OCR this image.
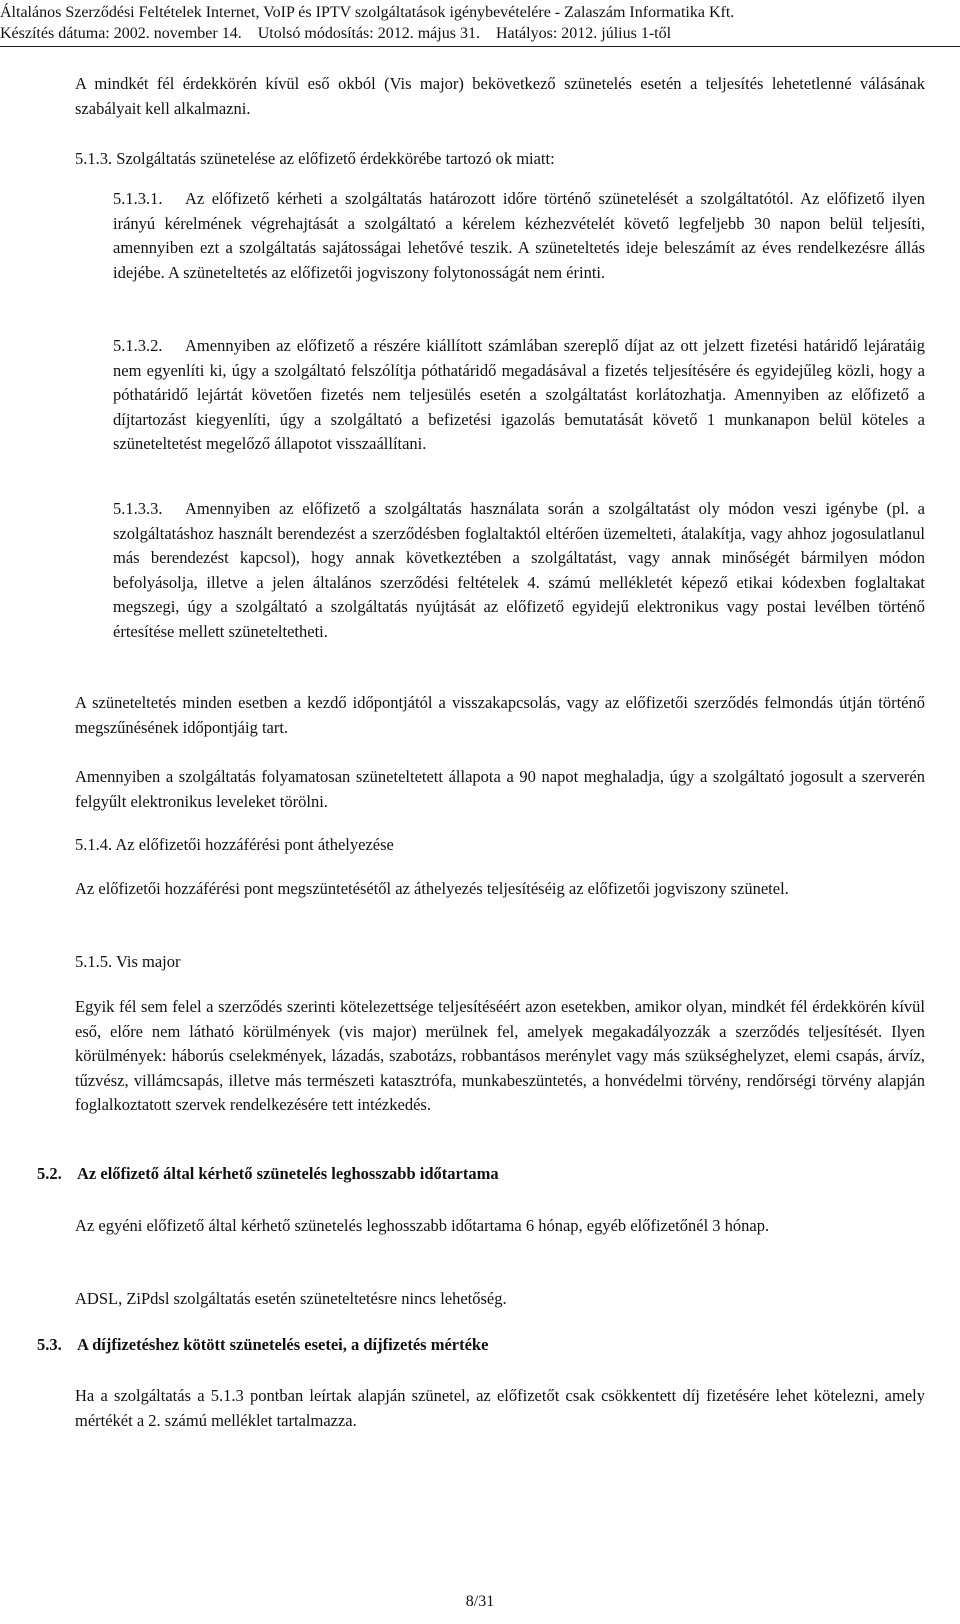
Általános Szerződési Feltételek Internet, VoIP és IPTV szolgáltatások igénybevételére - Zalaszám Informatika Kft.
Készítés dátuma: 2002. november 14.    Utolsó módosítás: 2012. május 31.    Hatályos: 2012. július 1-től

A mindkét fél érdekkörén kívül eső okból (Vis major) bekövetkező szünetelés esetén a teljesítés lehetetlenné válásának szabályait kell alkalmazni.

5.1.3. Szolgáltatás szünetelése az előfizető érdekkörébe tartozó ok miatt:

5.1.3.1. Az előfizető kérheti a szolgáltatás határozott időre történő szünetelését a szolgáltatótól. Az előfizető ilyen irányú kérelmének végrehajtását a szolgáltató a kérelem kézhezvételét követő legfeljebb 30 napon belül teljesíti, amennyiben ezt a szolgáltatás sajátosságai lehetővé teszik. A szüneteltetés ideje beleszámít az éves rendelkezésre állás idejébe. A szüneteltetés az előfizetői jogviszony folytonosságát nem érinti.
5.1.3.2. Amennyiben az előfizető a részére kiállított számlában szereplő díjat az ott jelzett fizetési határidő lejáratáig nem egyenlíti ki, úgy a szolgáltató felszólítja póthatáridő megadásával a fizetés teljesítésére és egyidejűleg közli, hogy a póthatáridő lejártát követően fizetés nem teljesülés esetén a szolgáltatást korlátozhatja. Amennyiben az előfizető a díjtartozást kiegyenlíti, úgy a szolgáltató a befizetési igazolás bemutatását követő 1 munkanapon belül köteles a szüneteltetést megelőző állapotot visszaállítani.
5.1.3.3. Amennyiben az előfizető a szolgáltatás használata során a szolgáltatást oly módon veszi igénybe (pl. a szolgáltatáshoz használt berendezést a szerződésben foglaltaktól eltérően üzemelteti, átalakítja, vagy ahhoz jogosulatlanul más berendezést kapcsol), hogy annak következtében a szolgáltatást, vagy annak minőségét bármilyen módon befolyásolja, illetve a jelen általános szerződési feltételek 4. számú mellékletét képező etikai kódexben foglaltakat megszegi, úgy a szolgáltató a szolgáltatás nyújtását az előfizető egyidejű elektronikus vagy postai levélben történő értesítése mellett szüneteltetheti.

A szüneteltetés minden esetben a kezdő időpontjától a visszakapcsolás, vagy az előfizetői szerződés felmondás útján történő megszűnésének időpontjáig tart.

Amennyiben a szolgáltatás folyamatosan szüneteltetett állapota a 90 napot meghaladja, úgy a szolgáltató jogosult a szerverén felgyűlt elektronikus leveleket törölni.

5.1.4. Az előfizetői hozzáférési pont áthelyezése

Az előfizetői hozzáférési pont megszüntetésétől az áthelyezés teljesítéséig az előfizetői jogviszony szünetel.

5.1.5. Vis major

Egyik fél sem felel a szerződés szerinti kötelezettsége teljesítéséért azon esetekben, amikor olyan, mindkét fél érdekkörén kívül eső, előre nem látható körülmények (vis major) merülnek fel, amelyek megakadályozzák a szerződés teljesítését. Ilyen körülmények: háborús cselekmények, lázadás, szabotázs, robbantásos merénylet vagy más szükséghelyzet, elemi csapás, árvíz, tűzvész, villámcsapás, illetve más természeti katasztrófa, munkabeszüntetés, a honvédelmi törvény, rendőrségi törvény alapján foglalkoztatott szervek rendelkezésére tett intézkedés.

5.2. Az előfizető által kérhető szünetelés leghosszabb időtartama

Az egyéni előfizető által kérhető szünetelés leghosszabb időtartama 6 hónap, egyéb előfizetőnél 3 hónap.

ADSL, ZiPdsl szolgáltatás esetén szüneteltetésre nincs lehetőség.

5.3. A díjfizetéshez kötött szünetelés esetei, a díjfizetés mértéke

Ha a szolgáltatás a 5.1.3 pontban leírtak alapján szünetel, az előfizetőt csak csökkentett díj fizetésére lehet kötelezni, amely mértékét a 2. számú melléklet tartalmazza.

8/31
